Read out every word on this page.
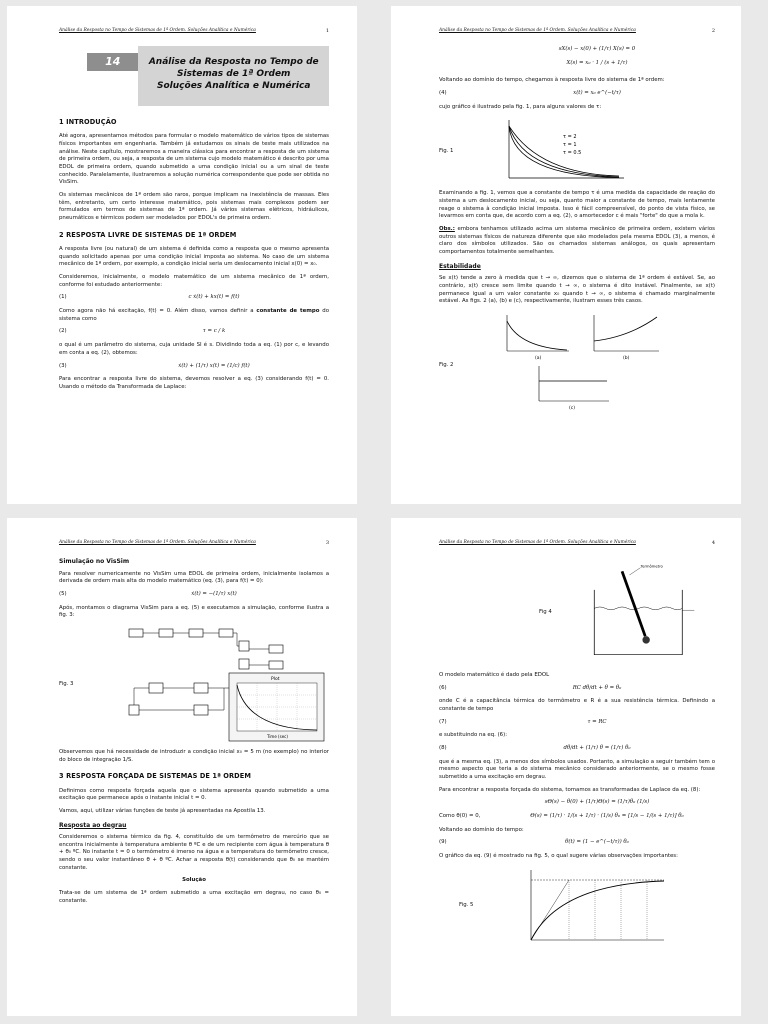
Análise da Resposta no Tempo de Sistemas de 1ª Ordem. Soluções Analítica e Numérica	1
14	Análise da Resposta no Tempo de
Sistemas de 1ª Ordem
Soluções Analítica e Numérica
1 INTRODUÇÃO

Até agora, apresentamos métodos para formular o modelo matemático de vários tipos de sistemas físicos importantes em engenharia. Também já estudamos os sinais de teste mais utilizados na análise. Neste capítulo, mostraremos a maneira clássica para encontrar a resposta de um sistema de primeira ordem, ou seja, a resposta de um sistema cujo modelo matemático é descrito por uma EDOL de primeira ordem, quando submetido a uma condição inicial ou a um sinal de teste conhecido. Paralelamente, ilustraremos a solução numérica correspondente que pode ser obtida no VisSim.

Os sistemas mecânicos de 1ª ordem são raros, porque implicam na inexistência de massas. Eles têm, entretanto, um certo interesse matemático, pois sistemas mais complexos podem ser formulados em termos de sistemas de 1ª ordem. Já vários sistemas elétricos, hidráulicos, pneumáticos e térmicos podem ser modelados por EDOL's de primeira ordem.

2 RESPOSTA LIVRE DE SISTEMAS DE 1ª ORDEM

A resposta livre (ou natural) de um sistema é definida como a resposta que o mesmo apresenta quando solicitado apenas por uma condição inicial imposta ao sistema. No caso de um sistema mecânico de 1ª ordem, por exemplo, a condição inicial seria um deslocamento inicial x(0) = x₀.

Consideremos, inicialmente, o modelo matemático de um sistema mecânico de 1ª ordem, conforme foi estudado anteriormente:

(1)	c ẋ(t) + kx(t) = f(t)

Como agora não há excitação, f(t) = 0. Além disso, vamos definir a constante de tempo do sistema como

(2)	τ = c / k

o qual é um parâmetro do sistema, cuja unidade SI é s. Dividindo toda a eq. (1) por c, e levando em conta a eq. (2), obtemos:

(3)	ẋ(t) + (1/τ) x(t) = (1/c) f(t)

Para encontrar a resposta livre do sistema, devemos resolver a eq. (3) considerando f(t) = 0. Usando o método da Transformada de Laplace:

Análise da Resposta no Tempo de Sistemas de 1ª Ordem. Soluções Analítica e Numérica	2
sX(s) − x(0) + (1/τ) X(s) = 0
X(s) = x₀ · 1 / (s + 1/τ)

Voltando ao domínio do tempo, chegamos à resposta livre do sistema de 1ª ordem:

(4)	x(t) = x₀ e^(−t/τ)

cujo gráfico é ilustrado pela fig. 1, para alguns valores de τ:

Fig. 1
τ = 2
τ = 1
τ = 0.5

Examinando a fig. 1, vemos que a constante de tempo τ é uma medida da capacidade de reação do sistema a um deslocamento inicial, ou seja, quanto maior a constante de tempo, mais lentamente reage o sistema à condição inicial imposta. Isso é fácil compreensível, do ponto de vista físico, se levarmos em conta que, de acordo com a eq. (2), o amortecedor c é mais "forte" do que a mola k.

Obs.: embora tenhamos utilizado acima um sistema mecânico de primeira ordem, existem vários outros sistemas físicos de natureza diferente que são modelados pela mesma EDOL (3), a menos, é claro dos símbolos utilizados. São os chamados sistemas análogos, os quais apresentam comportamentos totalmente semelhantes.

Estabilidade

Se x(t) tende a zero à medida que t → ∞, dizemos que o sistema de 1ª ordem é estável. Se, ao contrário, x(t) cresce sem limite quando t → ∞, o sistema é dito instável. Finalmente, se x(t) permanece igual a um valor constante x₀ quando t → ∞, o sistema é chamado marginalmente estável. As figs. 2 (a), (b) e (c), respectivamente, ilustram esses três casos.

Fig. 2
(a)	(b)
(c)
Análise da Resposta no Tempo de Sistemas de 1ª Ordem. Soluções Analítica e Numérica	3
Simulação no VisSim

Para resolver numericamente no VisSim uma EDOL de primeira ordem, inicialmente isolamos a derivada de ordem mais alta do modelo matemático (eq. (3), para f(t) = 0):

(5)	ẋ(t) = −(1/τ) x(t)

Após, montamos o diagrama VisSim para a eq. (5) e executamos a simulação, conforme ilustra a fig. 3:

Fig. 3
Plot
Time (sec)

Observemos que há necessidade de introduzir a condição inicial x₀ = 5 m (no exemplo) no interior do bloco de integração 1/S.

3 RESPOSTA FORÇADA DE SISTEMAS DE 1ª ORDEM

Definimos como resposta forçada aquela que o sistema apresenta quando submetido a uma excitação que permanece após o instante inicial t = 0.

Vamos, aqui, utilizar várias funções de teste já apresentadas na Apostila 13.

Resposta ao degrau

Consideremos o sistema térmico da fig. 4, constituído de um termômetro de mercúrio que se encontra inicialmente à temperatura ambiente θ ºC e de um recipiente com água à temperatura θ + θ₀ ºC. No instante t = 0 o termômetro é imerso na água e a temperatura do termômetro cresce, sendo o seu valor instantâneo θ + θ ºC. Achar a resposta θ(t) considerando que θ₀ se mantém constante.

Solução

Trata-se de um sistema de 1ª ordem submetido a uma excitação em degrau, no caso θ₀ = constante.

Análise da Resposta no Tempo de Sistemas de 1ª Ordem. Soluções Analítica e Numérica	4
Fig 4
Termômetro

O modelo matemático é dado pela EDOL

(6)	RC dθ/dt + θ = θ₀

onde C é a capacitância térmica do termômetro e R é a sua resistência térmica. Definindo a constante de tempo

(7)	τ = RC

e substituindo na eq. (6):

(8)	dθ/dt + (1/τ) θ = (1/τ) θ₀

que é a mesma eq. (3), a menos dos símbolos usados. Portanto, a simulação a seguir também tem o mesmo aspecto que teria a do sistema mecânico considerado anteriormente, se o mesmo fosse submetido a uma excitação em degrau.

Para encontrar a resposta forçada do sistema, tomamos as transformadas de Laplace da eq. (8):

sΘ(s) − θ(0) + (1/τ)Θ(s) = (1/τ)θ₀ (1/s)
Como θ(0) = 0,	Θ(s) = (1/τ) · 1/(s + 1/τ) · (1/s) θ₀ = [1/s − 1/(s + 1/τ)] θ₀

Voltando ao domínio do tempo:

(9)	θ(t) = (1 − e^(−t/τ)) θ₀

O gráfico da eq. (9) é mostrado na fig. 5, o qual sugere várias observações importantes:

Fig. 5
